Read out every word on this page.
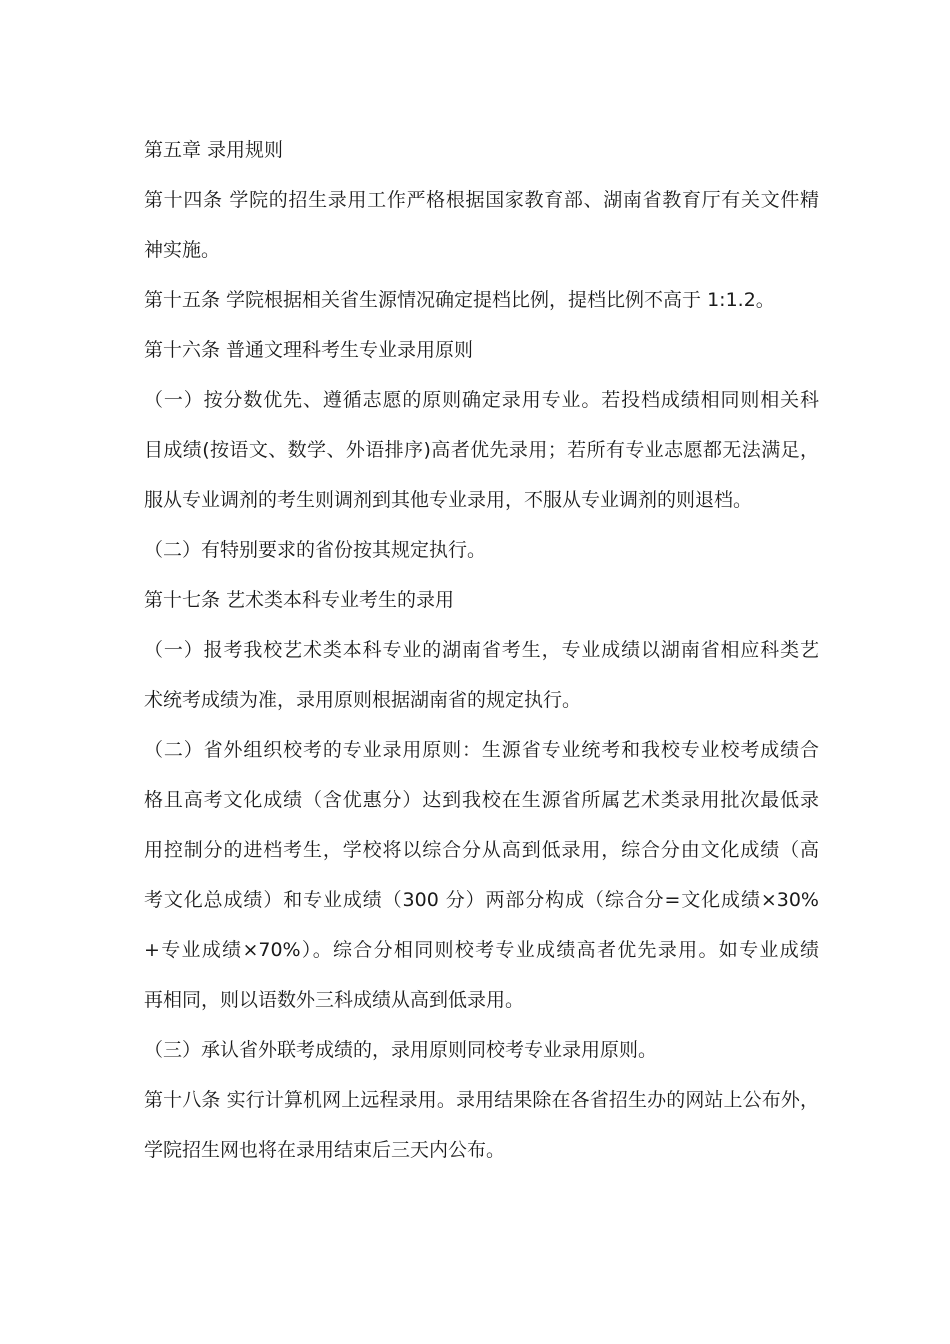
第五章 录用规则
第十四条 学院的招生录用工作严格根据国家教育部、湖南省教育厅有关文件精
神实施。
第十五条 学院根据相关省生源情况确定提档比例，提档比例不高于 1:1.2。
第十六条 普通文理科考生专业录用原则
（一）按分数优先、遵循志愿的原则确定录用专业。若投档成绩相同则相关科
目成绩(按语文、数学、外语排序)高者优先录用；若所有专业志愿都无法满足，
服从专业调剂的考生则调剂到其他专业录用，不服从专业调剂的则退档。
（二）有特别要求的省份按其规定执行。
第十七条 艺术类本科专业考生的录用
（一）报考我校艺术类本科专业的湖南省考生，专业成绩以湖南省相应科类艺
术统考成绩为准，录用原则根据湖南省的规定执行。
（二）省外组织校考的专业录用原则：生源省专业统考和我校专业校考成绩合
格且高考文化成绩（含优惠分）达到我校在生源省所属艺术类录用批次最低录
用控制分的进档考生，学校将以综合分从高到低录用，综合分由文化成绩（高
考文化总成绩）和专业成绩（300 分）两部分构成（综合分=文化成绩×30%
+专业成绩×70%）。综合分相同则校考专业成绩高者优先录用。如专业成绩
再相同，则以语数外三科成绩从高到低录用。
（三）承认省外联考成绩的，录用原则同校考专业录用原则。
第十八条 实行计算机网上远程录用。录用结果除在各省招生办的网站上公布外，
学院招生网也将在录用结束后三天内公布。
